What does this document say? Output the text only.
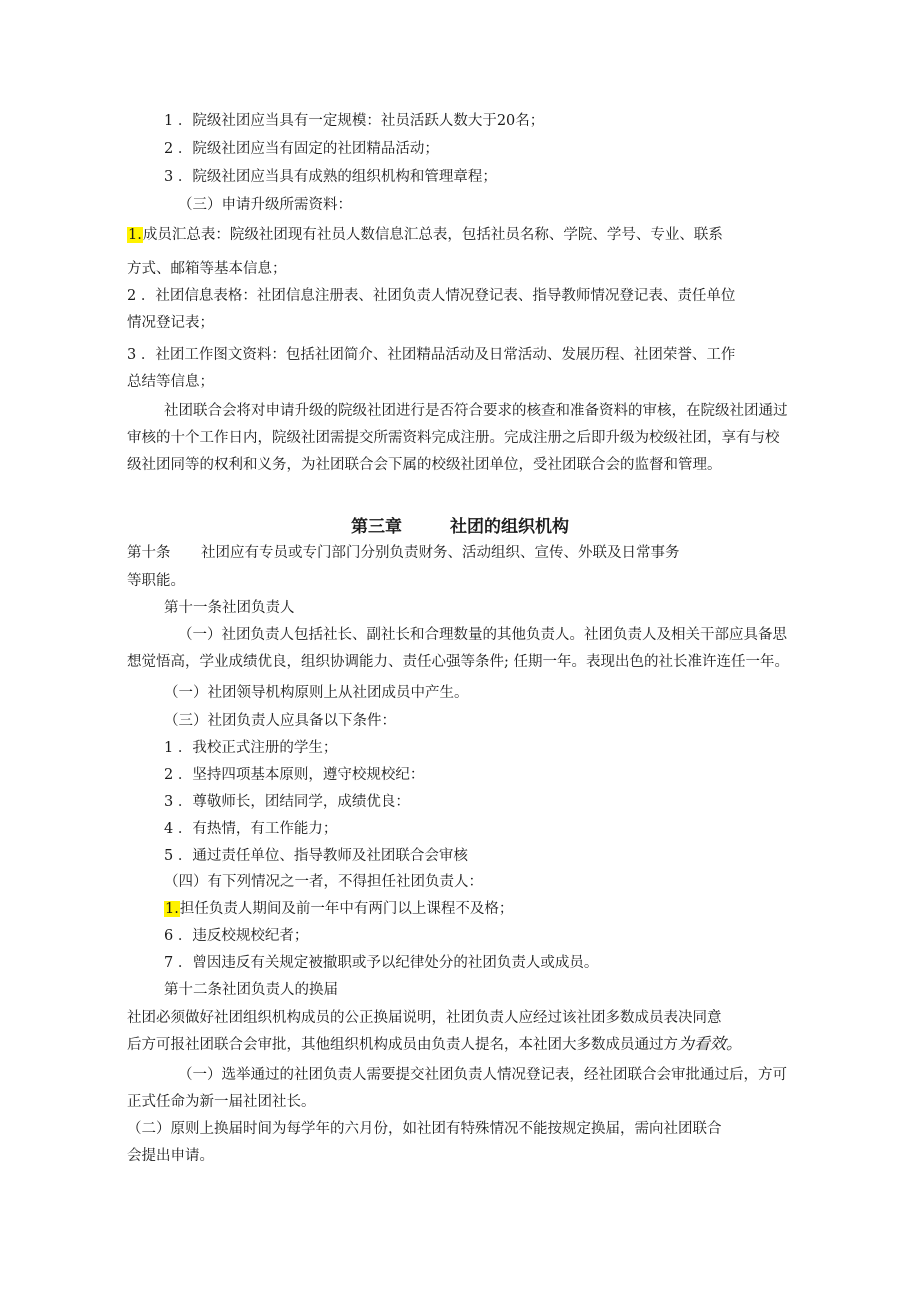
1 ．院级社团应当具有一定规模：社员活跃人数大于20名；
2 ．院级社团应当有固定的社团精品活动；
3 ．院级社团应当具有成熟的组织机构和管理章程；
（三）申请升级所需资料：
1.成员汇总表：院级社团现有社员人数信息汇总表，包括社员名称、学院、学号、专业、联系
方式、邮箱等基本信息；
2 ．社团信息表格：社团信息注册表、社团负责人情况登记表、指导教师情况登记表、责任单位
情况登记表；
3 ．社团工作图文资料：包括社团简介、社团精品活动及日常活动、发展历程、社团荣誉、工作
总结等信息；
社团联合会将对申请升级的院级社团进行是否符合要求的核查和准备资料的审核，在院级社团通过
审核的十个工作日内，院级社团需提交所需资料完成注册。完成注册之后即升级为校级社团，享有与校
级社团同等的权利和义务，为社团联合会下属的校级社团单位，受社团联合会的监督和管理。
第三章	社团的组织机构
第十条 社团应有专员或专门部门分别负责财务、活动组织、宣传、外联及日常事务
等职能。
第十一条社团负责人
（一）社团负责人包括社长、副社长和合理数量的其他负责人。社团负责人及相关干部应具备思
想觉悟高，学业成绩优良，组织协调能力、责任心强等条件; 任期一年。表现出色的社长准许连任一年。
（一）社团领导机构原则上从社团成员中产生。
（三）社团负责人应具备以下条件：
1 ．我校正式注册的学生；
2 ．坚持四项基本原则，遵守校规校纪：
3 ．尊敬师长，团结同学，成绩优良：
4 ．有热情，有工作能力；
5 ．通过责任单位、指导教师及社团联合会审核
（四）有下列情况之一者，不得担任社团负责人：
1.担任负责人期间及前一年中有两门以上课程不及格；
6 ．违反校规校纪者；
7 ．曾因违反有关规定被撤职或予以纪律处分的社团负责人或成员。
第十二条社团负责人的换届
社团必须做好社团组织机构成员的公正换届说明，社团负责人应经过该社团多数成员表决同意
后方可报社团联合会审批，其他组织机构成员由负责人提名，本社团大多数成员通过方为看效。
（一）选举通过的社团负责人需要提交社团负责人情况登记表，经社团联合会审批通过后，方可
正式任命为新一届社团社长。
（二）原则上换届时间为每学年的六月份，如社团有特殊情况不能按规定换届，需向社团联合
会提出申请。
